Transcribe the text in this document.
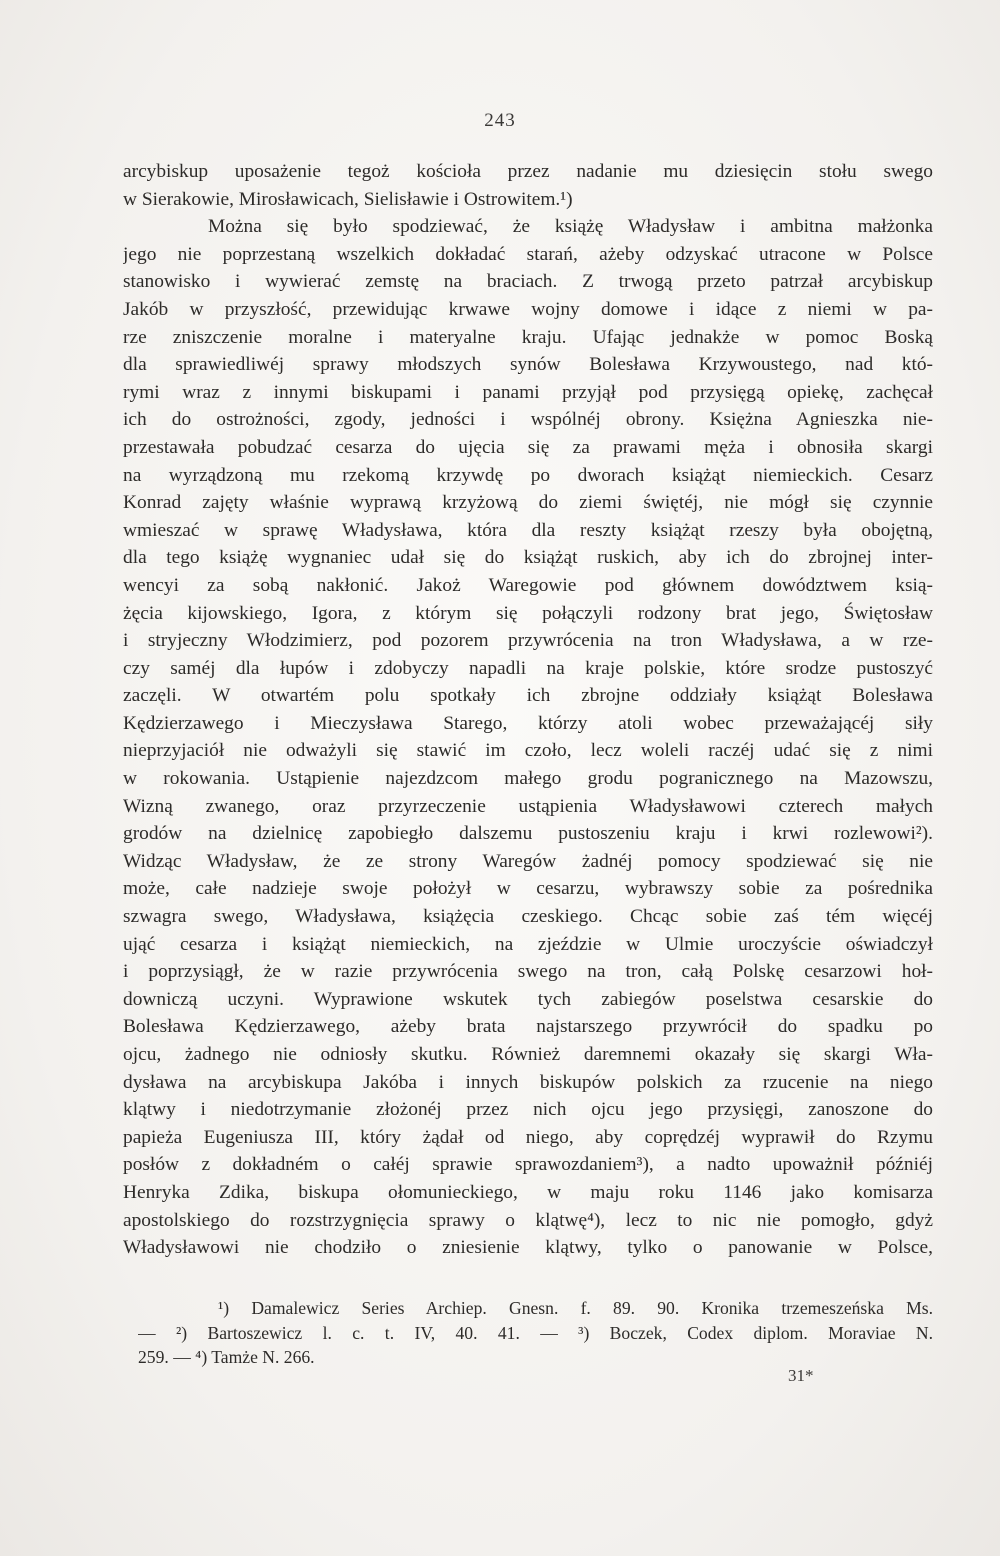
243
arcybiskup uposażenie tegoż kościoła przez nadanie mu dziesięcin stołu swego
w Sierakowie, Mirosławicach, Sielisławie i Ostrowitem.¹)
Można się było spodziewać, że książę Władysław i ambitna małżonka
jego nie poprzestaną wszelkich dokładać starań, ażeby odzyskać utracone w Polsce
stanowisko i wywierać zemstę na braciach. Z trwogą przeto patrzał arcybiskup
Jakób w przyszłość, przewidując krwawe wojny domowe i idące z niemi w pa-
rze zniszczenie moralne i materyalne kraju. Ufając jednakże w pomoc Boską
dla sprawiedliwéj sprawy młodszych synów Bolesława Krzywoustego, nad któ-
rymi wraz z innymi biskupami i panami przyjął pod przysięgą opiekę, zachęcał
ich do ostrożności, zgody, jedności i wspólnéj obrony. Księżna Agnieszka nie-
przestawała pobudzać cesarza do ujęcia się za prawami męża i obnosiła skargi
na wyrządzoną mu rzekomą krzywdę po dworach książąt niemieckich. Cesarz
Konrad zajęty właśnie wyprawą krzyżową do ziemi świętéj, nie mógł się czynnie
wmieszać w sprawę Władysława, która dla reszty książąt rzeszy była obojętną,
dla tego książę wygnaniec udał się do książąt ruskich, aby ich do zbrojnej inter-
wencyi za sobą nakłonić. Jakoż Waregowie pod głównem dowództwem ksią-
żęcia kijowskiego, Igora, z którym się połączyli rodzony brat jego, Świętosław
i stryjeczny Włodzimierz, pod pozorem przywrócenia na tron Władysława, a w rze-
czy saméj dla łupów i zdobyczy napadli na kraje polskie, które srodze pustoszyć
zaczęli. W otwartém polu spotkały ich zbrojne oddziały książąt Bolesława
Kędzierzawego i Mieczysława Starego, którzy atoli wobec przeważającéj siły
nieprzyjaciół nie odważyli się stawić im czoło, lecz woleli raczéj udać się z nimi
w rokowania. Ustąpienie najezdzcom małego grodu pogranicznego na Mazowszu,
Wizną zwanego, oraz przyrzeczenie ustąpienia Władysławowi czterech małych
grodów na dzielnicę zapobiegło dalszemu pustoszeniu kraju i krwi rozlewowi²).
Widząc Władysław, że ze strony Waregów żadnéj pomocy spodziewać się nie
może, całe nadzieje swoje położył w cesarzu, wybrawszy sobie za pośrednika
szwagra swego, Władysława, książęcia czeskiego. Chcąc sobie zaś tém więcéj
ująć cesarza i książąt niemieckich, na zjeździe w Ulmie uroczyście oświadczył
i poprzysiągł, że w razie przywrócenia swego na tron, całą Polskę cesarzowi hoł-
downiczą uczyni. Wyprawione wskutek tych zabiegów poselstwa cesarskie do
Bolesława Kędzierzawego, ażeby brata najstarszego przywrócił do spadku po
ojcu, żadnego nie odniosły skutku. Również daremnemi okazały się skargi Wła-
dysława na arcybiskupa Jakóba i innych biskupów polskich za rzucenie na niego
klątwy i niedotrzymanie złożonéj przez nich ojcu jego przysięgi, zanoszone do
papieża Eugeniusza III, który żądał od niego, aby coprędzéj wyprawił do Rzymu
posłów z dokładném o całéj sprawie sprawozdaniem³), a nadto upoważnił późniéj
Henryka Zdika, biskupa ołomunieckiego, w maju roku 1146 jako komisarza
apostolskiego do rozstrzygnięcia sprawy o klątwę⁴), lecz to nic nie pomogło, gdyż
Władysławowi nie chodziło o zniesienie klątwy, tylko o panowanie w Polsce,
¹) Damalewicz Series Archiep. Gnesn. f. 89. 90. Kronika trzemeszeńska Ms.
— ²) Bartoszewicz l. c. t. IV, 40. 41. — ³) Boczek, Codex diplom. Moraviae N.
259. — ⁴) Tamże N. 266.
31*
